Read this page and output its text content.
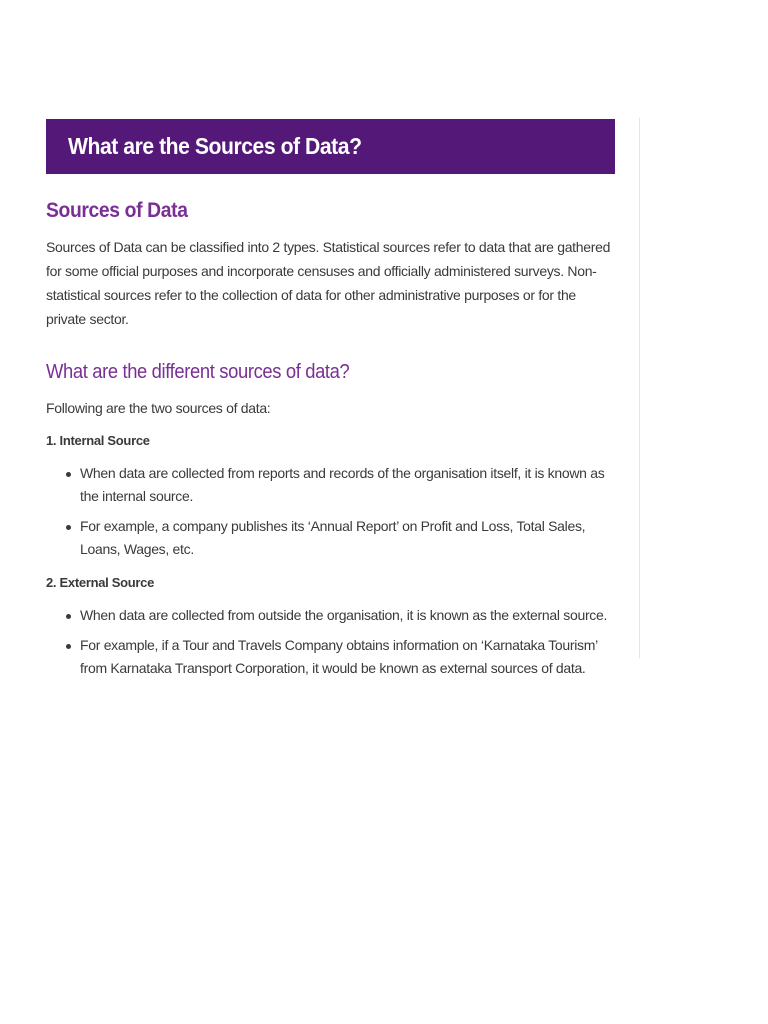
What are the Sources of Data?
Sources of Data

Sources of Data can be classified into 2 types. Statistical sources refer to data that are gathered for some official purposes and incorporate censuses and officially administered surveys. Non-statistical sources refer to the collection of data for other administrative purposes or for the private sector.

What are the different sources of data?

Following are the two sources of data:

1. Internal Source
When data are collected from reports and records of the organisation itself, it is known as the internal source.
For example, a company publishes its ‘Annual Report’ on Profit and Loss, Total Sales, Loans, Wages, etc.
2. External Source
When data are collected from outside the organisation, it is known as the external source.
For example, if a Tour and Travels Company obtains information on ‘Karnataka Tourism’ from Karnataka Transport Corporation, it would be known as external sources of data.
